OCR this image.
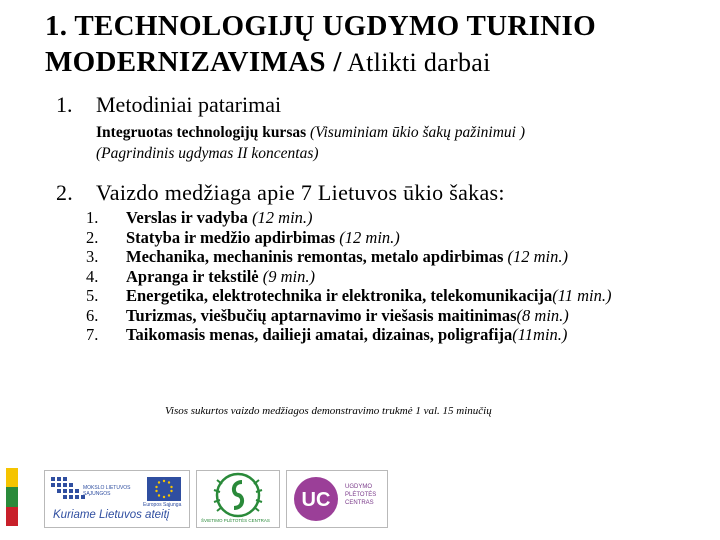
1. TECHNOLOGIJŲ UGDYMO TURINIO
MODERNIZAVIMAS / Atlikti darbai
1. Metodiniai patarimai
Integruotas technologijų kursas (Visuminiam ūkio šakų pažinimui )
(Pagrindinis ugdymas II koncentas)
2. Vaizdo medžiaga apie 7 Lietuvos ūkio šakas:
1.	Verslas ir vadyba (12 min.)
2.	Statyba ir medžio apdirbimas (12 min.)
3.	Mechanika, mechaninis remontas, metalo apdirbimas (12 min.)
4.	Apranga ir tekstilė (9 min.)
5.	Energetika, elektrotechnika ir elektronika, telekomunikacija(11 min.)
6.	Turizmas, viešbučių aptarnavimo ir viešasis maitinimas(8 min.)
7.	Taikomasis menas, dailieji amatai, dizainas, poligrafija(11min.)
Visos sukurtos vaizdo medžiagos demonstravimo trukmė 1 val. 15 minučių
MOKSLO LIETUVOS SĄJUNGOS
Europos Sąjunga
Kuriame Lietuvos ateitį	ŠVIETIMO PLĖTOTĖS CENTRAS
UC
UGDYMO PLĖTOTĖS CENTRAS
